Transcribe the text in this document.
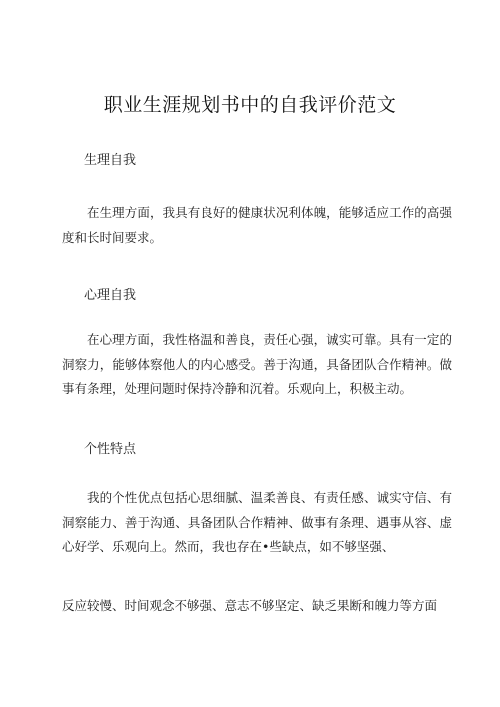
职业生涯规划书中的自我评价范文
生理自我
在生理方面，我具有良好的健康状况利体魄，能够适应工作的高强度和长时间要求。
心理自我
在心理方面，我性格温和善良，责任心强，诚实可靠。具有一定的洞察力，能够体察他人的内心感受。善于沟通，具备团队合作精神。做事有条理，处理问题时保持冷静和沉着。乐观向上，积极主动。
个性特点
我的个性优点包括心思细腻、温柔善良、有责任感、诚实守信、有洞察能力、善于沟通、具备团队合作精神、做事有条理、遇事从容、虚心好学、乐观向上。然而，我也存在•些缺点，如不够坚强、
反应较慢、时间观念不够强、意志不够坚定、缺乏果断和魄力等方面
